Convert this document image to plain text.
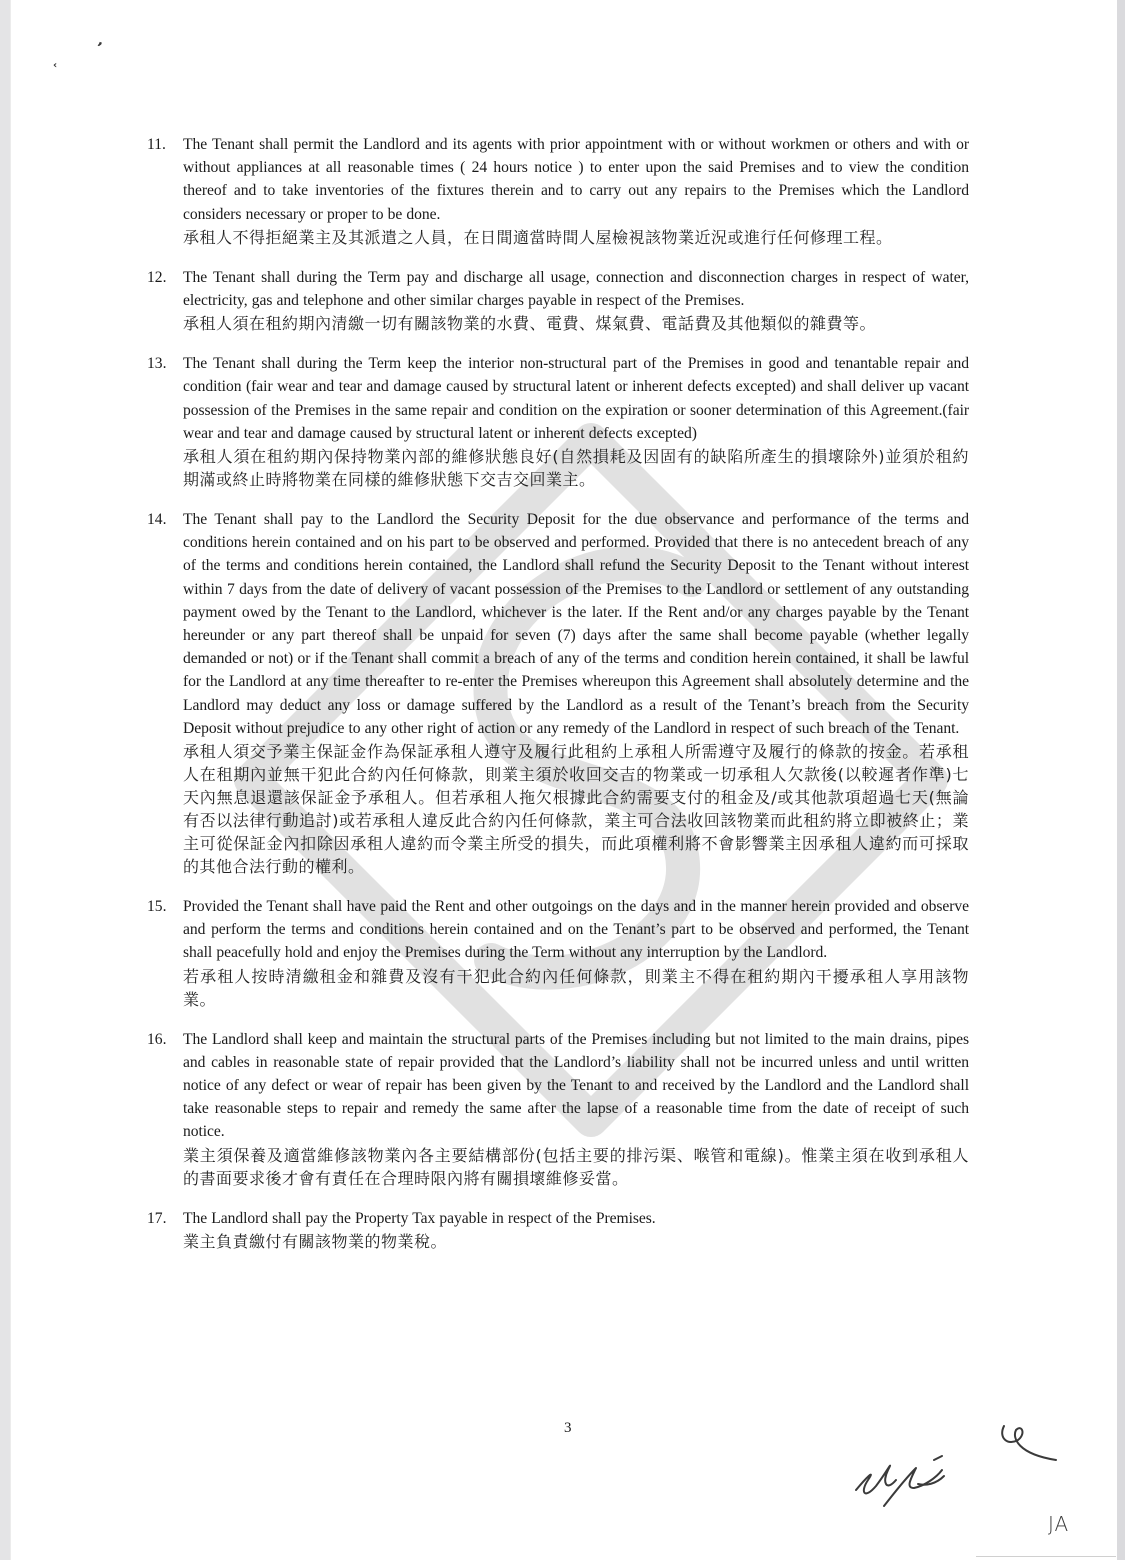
ʼ
‹
11. The Tenant shall permit the Landlord and its agents with prior appointment with or without workmen or others and with or without appliances at all reasonable times ( 24 hours notice ) to enter upon the said Premises and to view the condition thereof and to take inventories of the fixtures therein and to carry out any repairs to the Premises which the Landlord considers necessary or proper to be done.
承租人不得拒絕業主及其派遣之人員，在日間適當時間人屋檢視該物業近況或進行任何修理工程。
12. The Tenant shall during the Term pay and discharge all usage, connection and disconnection charges in respect of water, electricity, gas and telephone and other similar charges payable in respect of the Premises.
承租人須在租約期內清繳一切有關該物業的水費、電費、煤氣費、電話費及其他類似的雜費等。
13. The Tenant shall during the Term keep the interior non-structural part of the Premises in good and tenantable repair and condition (fair wear and tear and damage caused by structural latent or inherent defects excepted) and shall deliver up vacant possession of the Premises in the same repair and condition on the expiration or sooner determination of this Agreement.(fair wear and tear and damage caused by structural latent or inherent defects excepted)
承租人須在租約期內保持物業內部的維修狀態良好(自然損耗及因固有的缺陷所產生的損壞除外)並須於租約期滿或終止時將物業在同樣的維修狀態下交吉交回業主。
14. The Tenant shall pay to the Landlord the Security Deposit for the due observance and performance of the terms and conditions herein contained and on his part to be observed and performed. Provided that there is no antecedent breach of any of the terms and conditions herein contained, the Landlord shall refund the Security Deposit to the Tenant without interest within 7 days from the date of delivery of vacant possession of the Premises to the Landlord or settlement of any outstanding payment owed by the Tenant to the Landlord, whichever is the later. If the Rent and/or any charges payable by the Tenant hereunder or any part thereof shall be unpaid for seven (7) days after the same shall become payable (whether legally demanded or not) or if the Tenant shall commit a breach of any of the terms and condition herein contained, it shall be lawful for the Landlord at any time thereafter to re-enter the Premises whereupon this Agreement shall absolutely determine and the Landlord may deduct any loss or damage suffered by the Landlord as a result of the Tenant’s breach from the Security Deposit without prejudice to any other right of action or any remedy of the Landlord in respect of such breach of the Tenant.
承租人須交予業主保証金作為保証承租人遵守及履行此租約上承租人所需遵守及履行的條款的按金。若承租人在租期內並無干犯此合約內任何條款，則業主須於收回交吉的物業或一切承租人欠款後(以較遲者作準)七天內無息退還該保証金予承租人。但若承租人拖欠根據此合約需要支付的租金及/或其他款項超過七天(無論有否以法律行動追討)或若承租人違反此合約內任何條款，業主可合法收回該物業而此租約將立即被終止；業主可從保証金內扣除因承租人違約而令業主所受的損失，而此項權利將不會影響業主因承租人違約而可採取的其他合法行動的權利。
15. Provided the Tenant shall have paid the Rent and other outgoings on the days and in the manner herein provided and observe and perform the terms and conditions herein contained and on the Tenant’s part to be observed and performed, the Tenant shall peacefully hold and enjoy the Premises during the Term without any interruption by the Landlord.
若承租人按時清繳租金和雜費及沒有干犯此合約內任何條款，則業主不得在租約期內干擾承租人享用該物業。
16. The Landlord shall keep and maintain the structural parts of the Premises including but not limited to the main drains, pipes and cables in reasonable state of repair provided that the Landlord’s liability shall not be incurred unless and until written notice of any defect or wear of repair has been given by the Tenant to and received by the Landlord and the Landlord shall take reasonable steps to repair and remedy the same after the lapse of a reasonable time from the date of receipt of such notice.
業主須保養及適當維修該物業內各主要結構部份(包括主要的排污渠、喉管和電線)。惟業主須在收到承租人的書面要求後才會有責任在合理時限內將有關損壞維修妥當。
17. The Landlord shall pay the Property Tax payable in respect of the Premises.
業主負責繳付有關該物業的物業稅。
3
JA
